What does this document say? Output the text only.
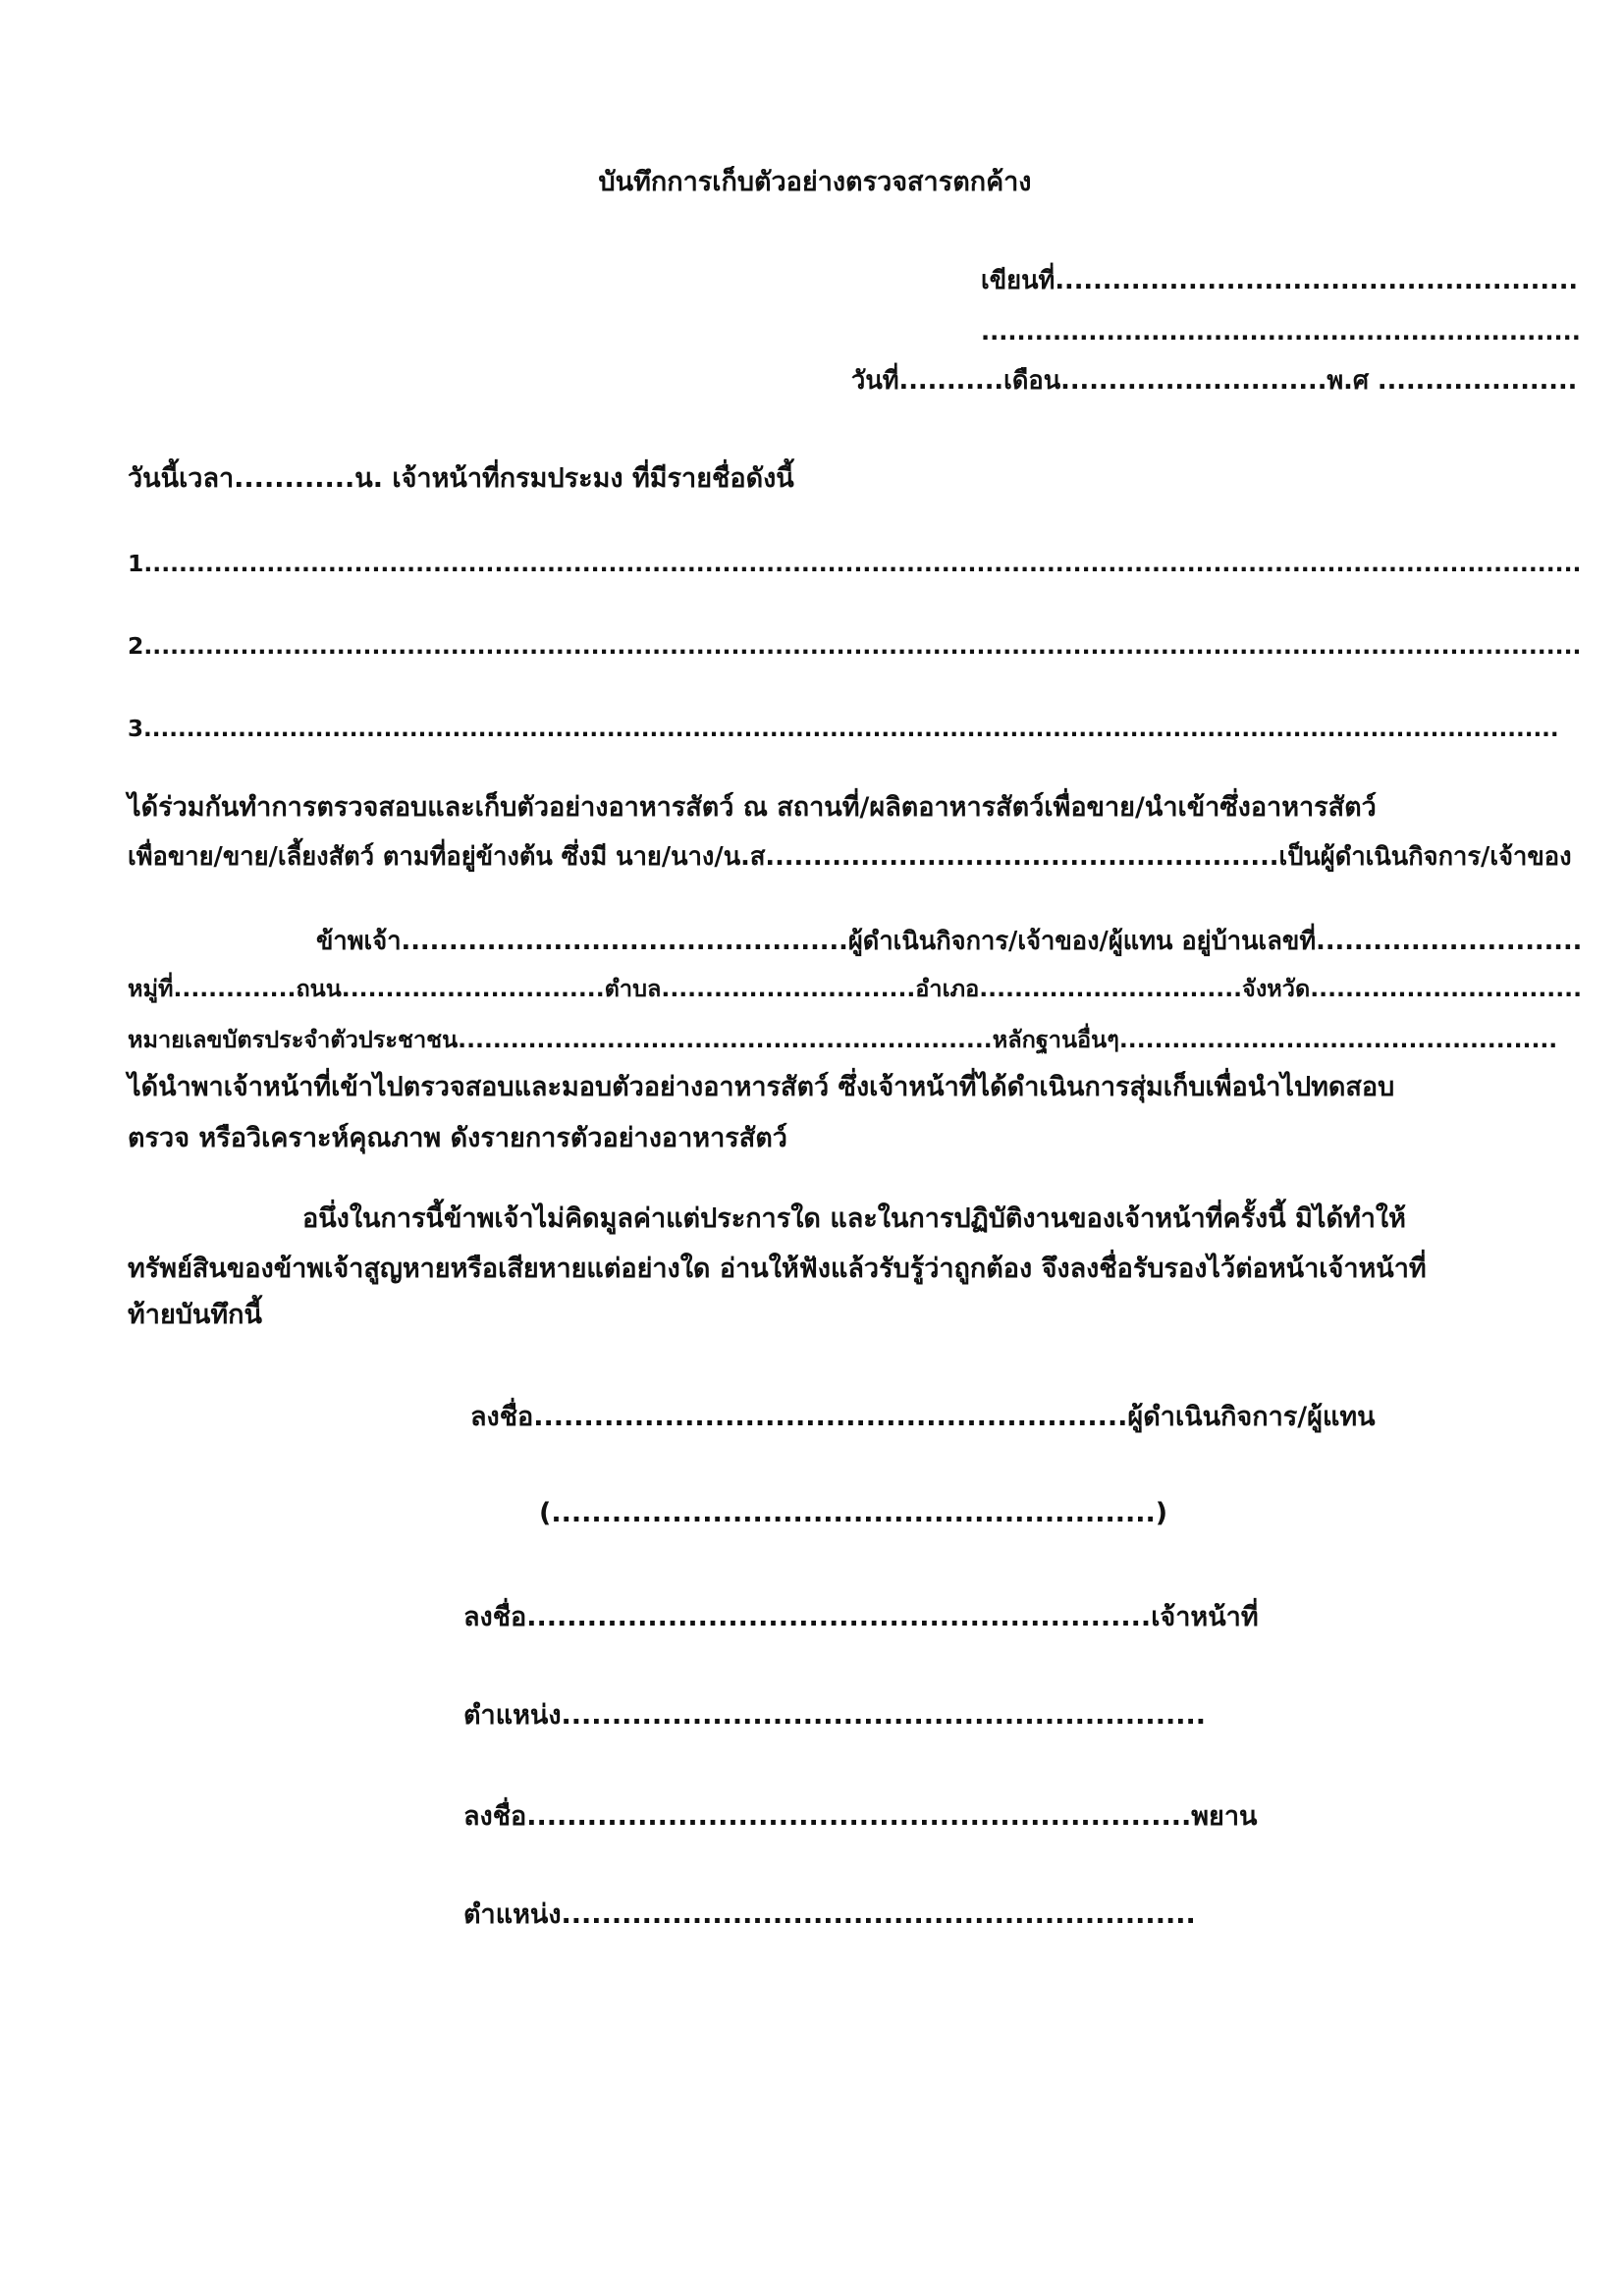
บันทึกการเก็บตัวอย่างตรวจสารตกค้าง
เขียนที่.......................................................
...................................................................
วันที่...........เดือน............................พ.ศ .....................
วันนี้เวลา............น. เจ้าหน้าที่กรมประมง ที่มีรายชื่อดังนี้
1....................................................................................................................................................................
2....................................................................................................................................................................
3.....................................................................................................................................................................
ได้ร่วมกันทำการตรวจสอบและเก็บตัวอย่างอาหารสัตว์ ณ สถานที่/ผลิตอาหารสัตว์เพื่อขาย/นำเข้าซึ่งอาหารสัตว์
เพื่อขาย/ขาย/เลี้ยงสัตว์ ตามที่อยู่ข้างต้น ซึ่งมี นาย/นาง/น.ส......................................................เป็นผู้ดำเนินกิจการ/เจ้าของ
ข้าพเจ้า...............................................ผู้ดำเนินกิจการ/เจ้าของ/ผู้แทน อยู่บ้านเลขที่............................
หมู่ที่..............ถนน..............................ตำบล.............................อำเภอ..............................จังหวัด...............................
หมายเลขบัตรประจำตัวประชาชน.............................................................หลักฐานอื่นๆ..................................................
ได้นำพาเจ้าหน้าที่เข้าไปตรวจสอบและมอบตัวอย่างอาหารสัตว์ ซึ่งเจ้าหน้าที่ได้ดำเนินการสุ่มเก็บเพื่อนำไปทดสอบ
ตรวจ หรือวิเคราะห์คุณภาพ ดังรายการตัวอย่างอาหารสัตว์
อนึ่งในการนี้ข้าพเจ้าไม่คิดมูลค่าแต่ประการใด และในการปฏิบัติงานของเจ้าหน้าที่ครั้งนี้ มิได้ทำให้
ทรัพย์สินของข้าพเจ้าสูญหายหรือเสียหายแต่อย่างใด อ่านให้ฟังแล้วรับรู้ว่าถูกต้อง จึงลงชื่อรับรองไว้ต่อหน้าเจ้าหน้าที่
ท้ายบันทึกนี้
ลงชื่อ...........................................................ผู้ดำเนินกิจการ/ผู้แทน
(............................................................)
ลงชื่อ..............................................................เจ้าหน้าที่
ตำแหน่ง................................................................
ลงชื่อ..................................................................พยาน
ตำแหน่ง...............................................................
